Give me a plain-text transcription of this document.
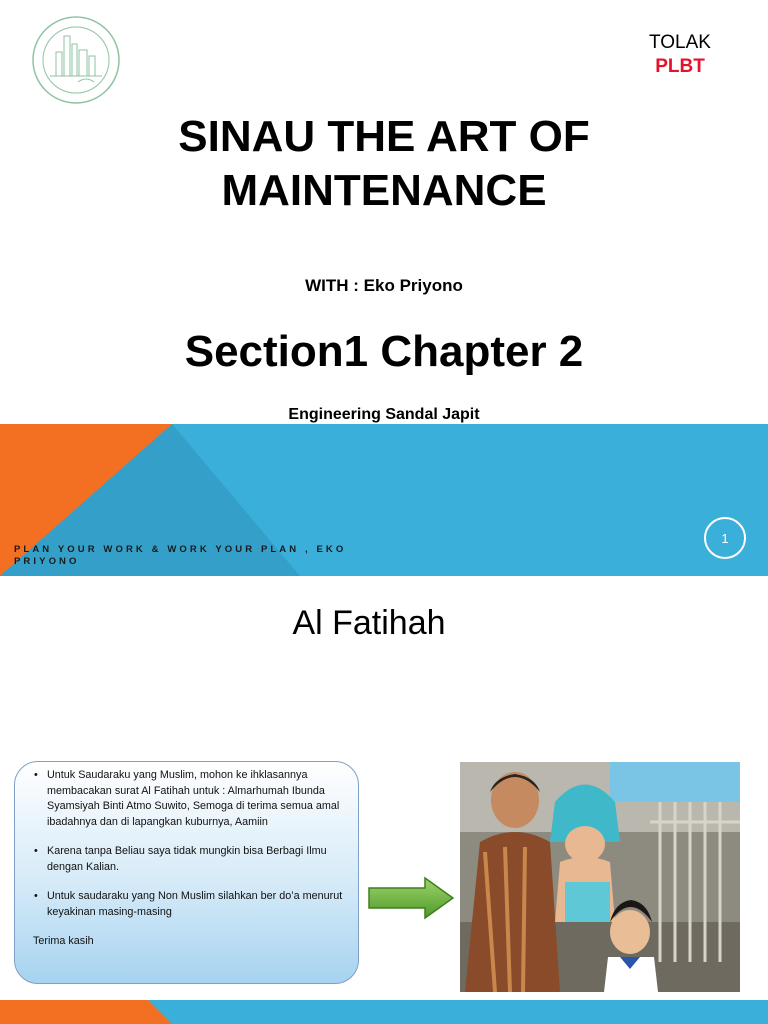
TOLAK
PLBT
SINAU THE ART OF
MAINTENANCE
WITH : Eko Priyono
Section1 Chapter 2
Engineering Sandal Japit
PLAN YOUR WORK & WORK YOUR PLAN , EKO
PRIYONO
1
Al Fatihah
• Untuk Saudaraku yang Muslim, mohon ke ihklasannya membacakan surat Al Fatihah untuk : Almarhumah Ibunda Syamsiyah Binti Atmo Suwito, Semoga di terima semua amal ibadahnya dan di lapangkan kuburnya, Aamiin
• Karena tanpa Beliau saya tidak mungkin bisa Berbagi Ilmu dengan Kalian.
• Untuk saudaraku yang Non Muslim silahkan ber do’a menurut keyakinan masing-masing
Terima kasih
